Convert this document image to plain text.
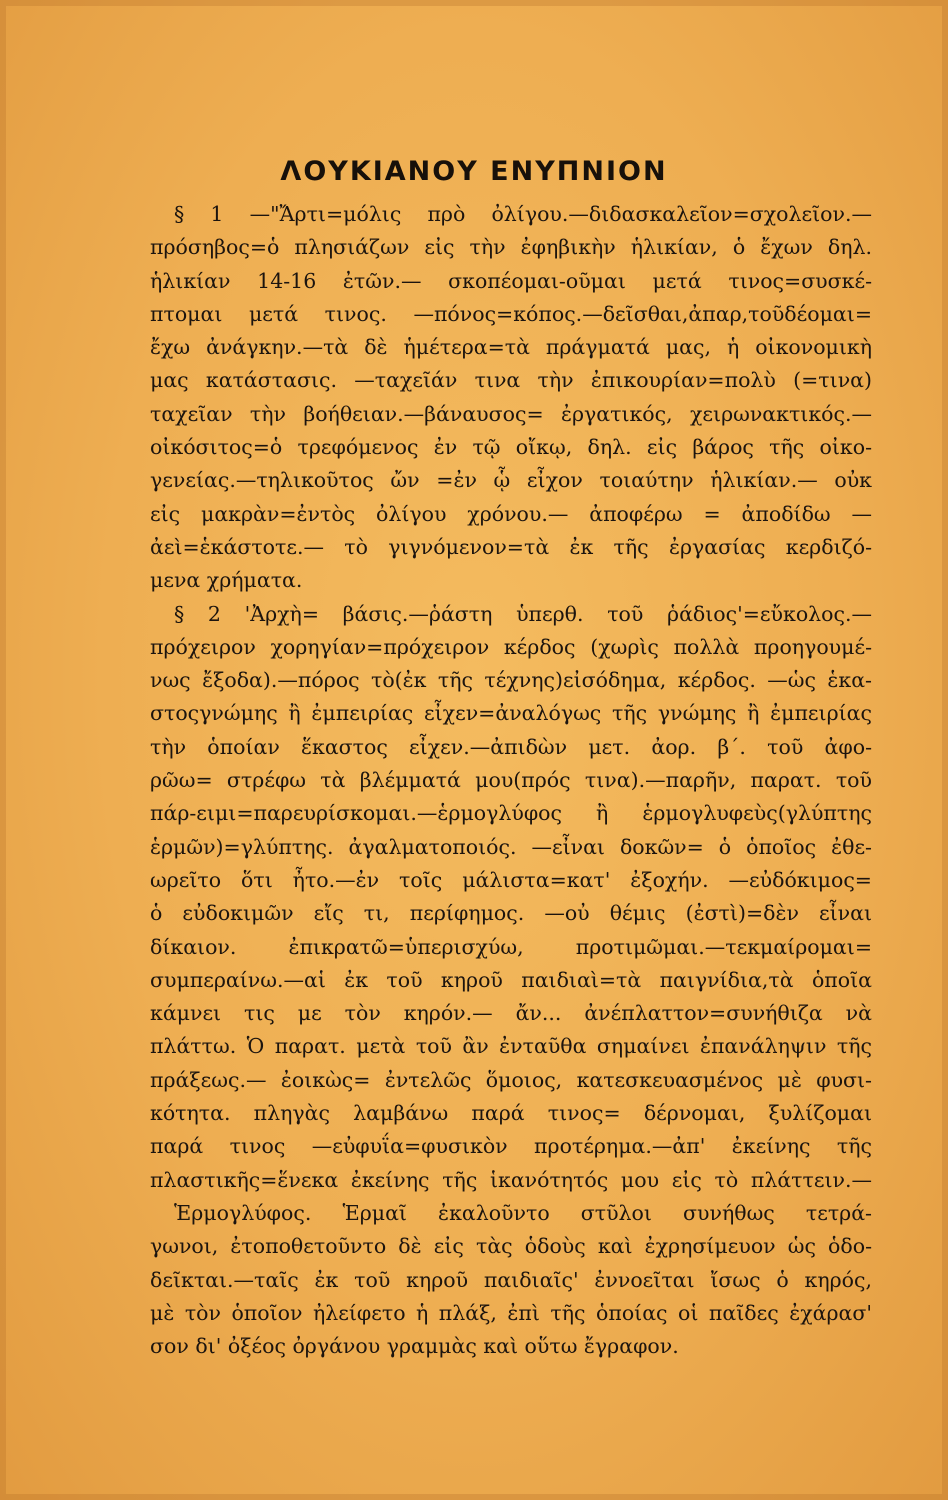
ΛΟΥΚΙΑΝΟΥ ΕΝΥΠΝΙΟΝ
§ 1 —"Ἄρτι=μόλις πρὸ ὀλίγου.—διδασκαλεῖον=σχολεῖον.—
πρόσηβος=ὁ πλησιάζων εἰς τὴν ἐφηβικὴν ἡλικίαν, ὁ ἔχων δηλ.
ἡλικίαν 14-16 ἐτῶν.— σκοπέομαι-οῦμαι μετά τινος=συσκέ-
πτομαι μετά τινος. —πόνος=κόπος.—δεῖσθαι,ἀπαρ,τοῦδέομαι=
ἔχω ἀνάγκην.—τὰ δὲ ἡμέτερα=τὰ πράγματά μας, ἡ οἰκονομικὴ
μας κατάστασις. —ταχεῖάν τινα τὴν ἐπικουρίαν=πολὺ (=τινα)
ταχεῖαν τὴν βοήθειαν.—βάναυσος= ἐργατικός, χειρωνακτικός.—
οἰκόσιτος=ὁ τρεφόμενος ἐν τῷ οἴκῳ, δηλ. εἰς βάρος τῆς οἰκο-
γενείας.—τηλικοῦτος ὤν =ἐν ᾧ εἶχον τοιαύτην ἡλικίαν.— οὐκ
εἰς μακρὰν=ἐντὸς ὀλίγου χρόνου.— ἀποφέρω = ἀποδίδω —
ἀεὶ=ἑκάστοτε.— τὸ γιγνόμενον=τὰ ἐκ τῆς ἐργασίας κερδιζό-
μενα χρήματα.
§ 2 'Ἀρχὴ= βάσις.—ῥάστη ὑπερθ. τοῦ ῥάδιος'=εὔκολος.—
πρόχειρον χορηγίαν=πρόχειρον κέρδος (χωρὶς πολλὰ προηγουμέ-
νως ἔξοδα).—πόρος τὸ(ἐκ τῆς τέχνης)εἰσόδημα, κέρδος. —ὡς ἑκα-
στοςγνώμης ἢ ἐμπειρίας εἶχεν=ἀναλόγως τῆς γνώμης ἢ ἐμπειρίας
τὴν ὁποίαν ἕκαστος εἶχεν.—ἀπιδὼν μετ. ἀορ. β΄. τοῦ ἀφο-
ρῶω= στρέφω τὰ βλέμματά μου(πρός τινα).—παρῆν, παρατ. τοῦ
πάρ-ειμι=παρευρίσκομαι.—ἑρμογλύφος ἢ ἑρμογλυφεὺς(γλύπτης
ἑρμῶν)=γλύπτης. ἀγαλματοποιός. —εἶναι δοκῶν= ὁ ὁποῖος ἐθε-
ωρεῖτο ὅτι ἦτο.—ἐν τοῖς μάλιστα=κατ' ἐξοχήν. —εὐδόκιμος=
ὁ εὐδοκιμῶν εἴς τι, περίφημος. —οὐ θέμις (ἐστὶ)=δὲν εἶναι
δίκαιον. ἐπικρατῶ=ὑπερισχύω, προτιμῶμαι.—τεκμαίρομαι=
συμπεραίνω.—αἱ ἐκ τοῦ κηροῦ παιδιαὶ=τὰ παιγνίδια,τὰ ὁποῖα
κάμνει τις με τὸν κηρόν.— ἄν... ἀνέπλαττον=συνήθιζα νὰ
πλάττω. Ὁ παρατ. μετὰ τοῦ ἂν ἐνταῦθα σημαίνει ἐπανάληψιν τῆς
πράξεως.— ἐοικὼς= ἐντελῶς ὅμοιος, κατεσκευασμένος μὲ φυσι-
κότητα. πληγὰς λαμβάνω παρά τινος= δέρνομαι, ξυλίζομαι
παρά τινος —εὐφυΐα=φυσικὸν προτέρημα.—ἀπ' ἐκείνης τῆς
πλαστικῆς=ἕνεκα ἐκείνης τῆς ἱκανότητός μου εἰς τὸ πλάττειν.—
Ἑρμογλύφος. Ἑρμαῖ ἐκαλοῦντο στῦλοι συνήθως τετρά-
γωνοι, ἐτοποθετοῦντο δὲ εἰς τὰς ὁδοὺς καὶ ἐχρησίμευον ὡς ὁδο-
δεῖκται.—ταῖς ἐκ τοῦ κηροῦ παιδιαῖς' ἐννοεῖται ἴσως ὁ κηρός,
μὲ τὸν ὁποῖον ἠλείφετο ἡ πλάξ, ἐπὶ τῆς ὁποίας οἱ παῖδες ἐχάρασ'
σον δι' ὀξέος ὀργάνου γραμμὰς καὶ οὕτω ἔγραφον.
